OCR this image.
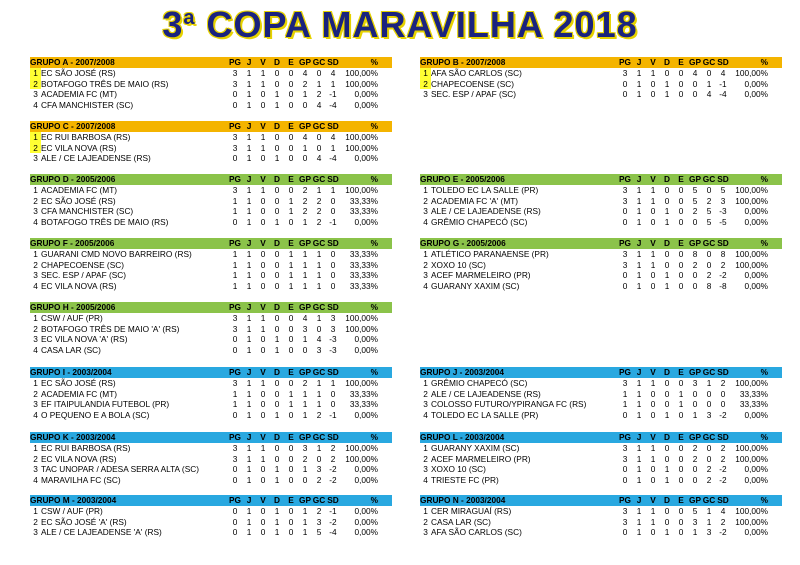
3$^a$ COPA MARAVILHA 2018
GRUPO A - 2007/2008	PG J	V D E GP GC SD	%
1 EC SÃO JOSÉ (RS)	3	1	1	0	0	4	0	4	100,00%
2 BOTAFOGO TRÊS DE MAIO (RS)	3	1	1	0	0	2	1	1	100,00%
3 ACADEMIA FC (MT)	0	1	0	1	0	1	2 -1	0,00%
4 CFA MANCHISTER (SC)	0	1	0	1	0	0	4 -4	0,00%
GRUPO B - 2007/2008	PG J	V D E GP GC SD	%
1 AFA SÃO CARLOS (SC)	3	1	1	0	0	4	0	4	100,00%
2 CHAPECOENSE (SC)	0	1	0	1	0	0	1 -1	0,00%
3 SEC. ESP / APAF (SC)	0	1	0	1	0	0	4 -4	0,00%
GRUPO C - 2007/2008	PG J	V D E GP GC SD	%
1 EC RUI BARBOSA (RS)	3	1	1	0	0	4	0	4	100,00%
2 EC VILA NOVA (RS)	3	1	1	0	0	1	0	1	100,00%
3 ALE / CE LAJEADENSE (RS)	0	1	0	1	0	0	4 -4	0,00%
GRUPO D - 2005/2006	PG J	V D E GP GC SD	%
1 ACADEMIA FC (MT)	3	1	1	0	0	2	1	1	100,00%
2 EC SÃO JOSÉ (RS)	1	1	0	0	1	2	2	0	33,33%
3 CFA MANCHISTER (SC)	1	1	0	0	1	2	2	0	33,33%
4 BOTAFOGO TRÊS DE MAIO (RS)	0	1	0	1	0	1	2 -1	0,00%
GRUPO E - 2005/2006	PG J	V D E GP GC SD	%
1 TOLEDO EC LA SALLE (PR)	3	1	1	0	0	5	0	5	100,00%
2 ACADEMIA FC 'A' (MT)	3	1	1	0	0	5	2	3	100,00%
3 ALE / CE LAJEADENSE (RS)	0	1	0	1	0	2	5 -3	0,00%
4 GRÊMIO CHAPECÓ (SC)	0	1	0	1	0	0	5 -5	0,00%
GRUPO F - 2005/2006	PG J	V D E GP GC SD	%
1 GUARANI CMD NOVO BARREIRO (RS)	1	1	0	0	1	1	1	0	33,33%
2 CHAPECOENSE (SC)	1	1	0	0	1	1	1	0	33,33%
3 SEC. ESP / APAF (SC)	1	1	0	0	1	1	1	0	33,33%
4 EC VILA NOVA (RS)	1	1	0	0	1	1	1	0	33,33%
GRUPO G - 2005/2006	PG J	V D E GP GC SD	%
1 ATLÉTICO PARANAENSE (PR)	3	1	1	0	0	8	0	8	100,00%
2 XOXO 10 (SC)	3	1	1	0	0	2	0	2	100,00%
3 ACEF MARMELEIRO (PR)	0	1	0	1	0	0	2 -2	0,00%
4 GUARANY XAXIM (SC)	0	1	0	1	0	0	8 -8	0,00%
GRUPO H - 2005/2006	PG J	V D E GP GC SD	%
1 CSW / AUF (PR)	3	1	1	0	0	4	1	3	100,00%
2 BOTAFOGO TRÊS DE MAIO 'A' (RS)	3	1	1	0	0	3	0	3	100,00%
3 EC VILA NOVA 'A' (RS)	0	1	0	1	0	1	4 -3	0,00%
4 CASA LAR (SC)	0	1	0	1	0	0	3 -3	0,00%
GRUPO I - 2003/2004	PG J	V D E GP GC SD	%
1 EC SÃO JOSÉ (RS)	3	1	1	0	0	2	1	1	100,00%
2 ACADEMIA FC (MT)	1	1	0	0	1	1	1	0	33,33%
3 EF ITAIPULANDIA FUTEBOL (PR)	1	1	0	0	1	1	1	0	33,33%
4 O PEQUENO E A BOLA (SC)	0	1	0	1	0	1	2 -1	0,00%
GRUPO J - 2003/2004	PG J	V D E GP GC SD	%
1 GRÊMIO CHAPECÓ (SC)	3	1	1	0	0	3	1	2	100,00%
2 ALE / CE LAJEADENSE (RS)	1	1	0	0	1	0	0	0	33,33%
3 COLOSSO FUTURO/YPIRANGA FC (RS)	1	1	0	0	1	0	0	0	33,33%
4 TOLEDO EC LA SALLE (PR)	0	1	0	1	0	1	3 -2	0,00%
GRUPO K - 2003/2004	PG J	V D E GP GC SD	%
1 EC RUI BARBOSA (RS)	3	1	1	0	0	3	1	2	100,00%
2 EC VILA NOVA (RS)	3	1	1	0	0	2	0	2	100,00%
3 TAC UNOPAR / ADESA SERRA ALTA (SC)	0	1	0	1	0	1	3 -2	0,00%
4 MARAVILHA FC (SC)	0	1	0	1	0	0	2 -2	0,00%
GRUPO L - 2003/2004	PG J	V D E GP GC SD	%
1 GUARANY XAXIM (SC)	3	1	1	0	0	2	0	2	100,00%
2 ACEF MARMELEIRO (PR)	3	1	1	0	0	2	0	2	100,00%
3 XOXO 10 (SC)	0	1	0	1	0	0	2 -2	0,00%
4 TRIESTE FC (PR)	0	1	0	1	0	0	2 -2	0,00%
GRUPO M - 2003/2004	PG J	V D E GP GC SD	%
1 CSW / AUF (PR)	0	1	0	1	0	1	2 -1	0,00%
2 EC SÃO JOSÉ 'A' (RS)	0	1	0	1	0	1	3 -2	0,00%
3 ALE / CE LAJEADENSE 'A' (RS)	0	1	0	1	0	1	5 -4	0,00%
GRUPO N - 2003/2004	PG J	V D E GP GC SD	%
1 CER MIRAGUAÍ (RS)	3	1	1	0	0	5	1	4	100,00%
2 CASA LAR (SC)	3	1	1	0	0	3	1	2	100,00%
3 AFA SÃO CARLOS (SC)	0	1	0	1	0	1	3 -2	0,00%
